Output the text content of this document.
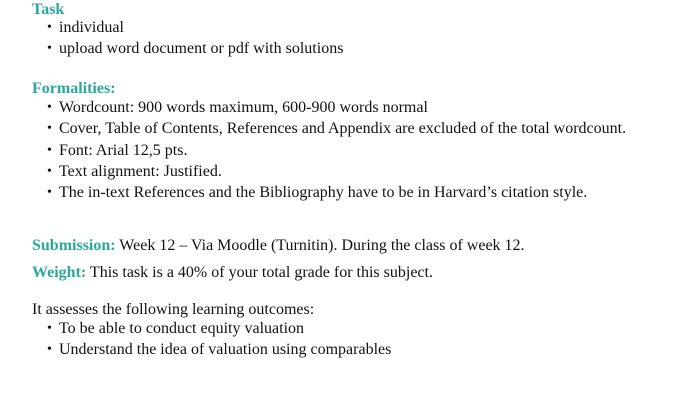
Task
• individual
• upload word document or pdf with solutions
Formalities:
• Wordcount: 900 words maximum, 600-900 words normal
• Cover, Table of Contents, References and Appendix are excluded of the total wordcount.
• Font: Arial 12,5 pts.
• Text alignment: Justified.
• The in-text References and the Bibliography have to be in Harvard’s citation style.
Submission: Week 12 – Via Moodle (Turnitin). During the class of week 12.
Weight: This task is a 40% of your total grade for this subject.
It assesses the following learning outcomes:
• To be able to conduct equity valuation
• Understand the idea of valuation using comparables
